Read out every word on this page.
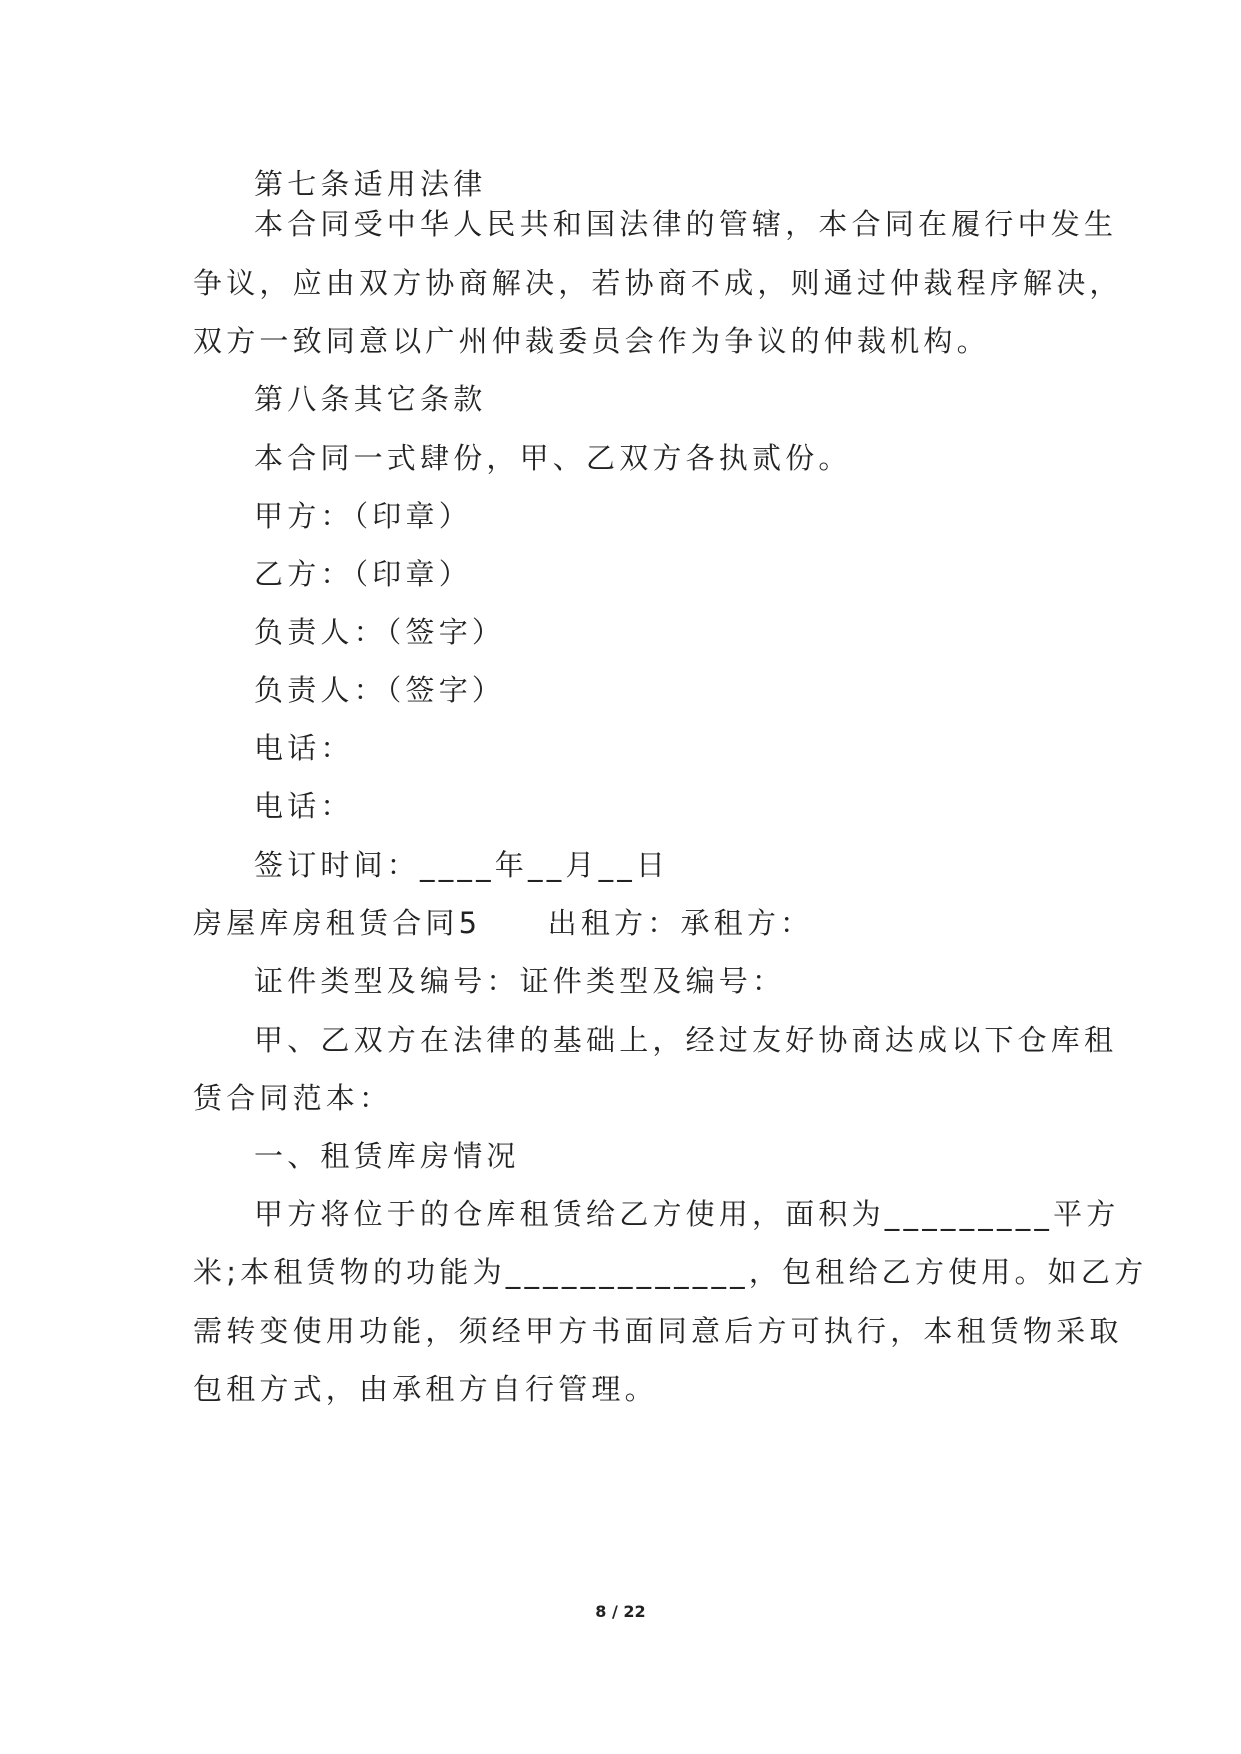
第七条适用法律
本合同受中华人民共和国法律的管辖，本合同在履行中发生
争议，应由双方协商解决，若协商不成，则通过仲裁程序解决，
双方一致同意以广州仲裁委员会作为争议的仲裁机构。
第八条其它条款
本合同一式肆份，甲、乙双方各执贰份。
甲方：（印章）
乙方：（印章）
负责人：（签字）
负责人：（签字）
电话：
电话：
签订时间：____年__月__日
房屋库房租赁合同5　　出租方：承租方：
证件类型及编号：证件类型及编号：
甲、乙双方在法律的基础上，经过友好协商达成以下仓库租
赁合同范本：
一、租赁库房情况
甲方将位于的仓库租赁给乙方使用，面积为_________平方
米;本租赁物的功能为_____________，包租给乙方使用。如乙方
需转变使用功能，须经甲方书面同意后方可执行，本租赁物采取
包租方式，由承租方自行管理。
8 / 22
